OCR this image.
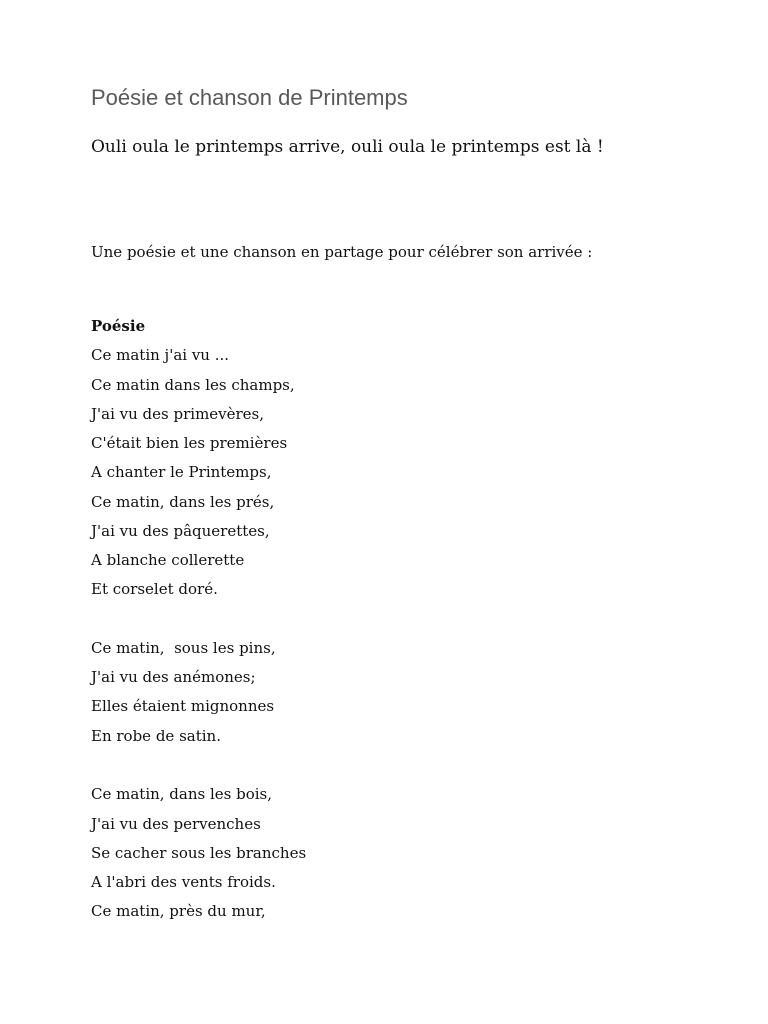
Poésie et chanson de Printemps

Ouli oula le printemps arrive, ouli oula le printemps est là !

Une poésie et une chanson en partage pour célébrer son arrivée :

Poésie
Ce matin j'ai vu ...
Ce matin dans les champs,
J'ai vu des primevères,
C'était bien les premières
A chanter le Printemps,
Ce matin, dans les prés,
J'ai vu des pâquerettes,
A blanche collerette
Et corselet doré.
Ce matin,  sous les pins,
J'ai vu des anémones;
Elles étaient mignonnes
En robe de satin.
Ce matin, dans les bois,
J'ai vu des pervenches
Se cacher sous les branches
A l'abri des vents froids.
Ce matin, près du mur,
